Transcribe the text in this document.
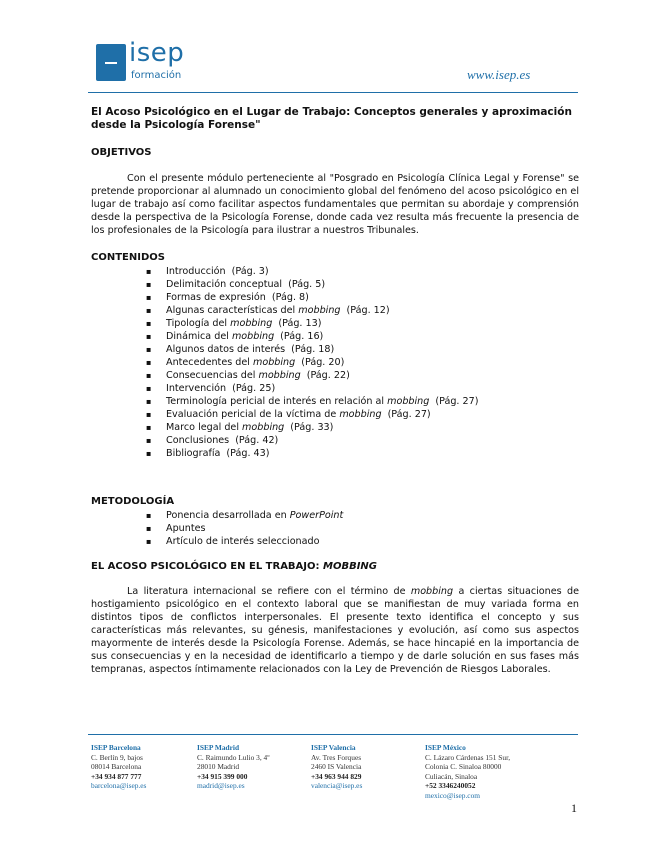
isep
formación	www.isep.es
El Acoso Psicológico en el Lugar de Trabajo: Conceptos generales y aproximación desde la Psicología Forense"
OBJETIVOS

Con el presente módulo perteneciente al "Posgrado en Psicología Clínica Legal y Forense" se pretende proporcionar al alumnado un conocimiento global del fenómeno del acoso psicológico en el lugar de trabajo así como facilitar aspectos fundamentales que permitan su abordaje y comprensión desde la perspectiva de la Psicología Forense, donde cada vez resulta más frecuente la presencia de los profesionales de la Psicología para ilustrar a nuestros Tribunales.

CONTENIDOS
▪ Introducción (Pág. 3)
▪ Delimitación conceptual (Pág. 5)
▪ Formas de expresión (Pág. 8)
▪ Algunas características del mobbing (Pág. 12)
▪ Tipología del mobbing (Pág. 13)
▪ Dinámica del mobbing (Pág. 16)
▪ Algunos datos de interés (Pág. 18)
▪ Antecedentes del mobbing (Pág. 20)
▪ Consecuencias del mobbing (Pág. 22)
▪ Intervención (Pág. 25)
▪ Terminología pericial de interés en relación al mobbing (Pág. 27)
▪ Evaluación pericial de la víctima de mobbing (Pág. 27)
▪ Marco legal del mobbing (Pág. 33)
▪ Conclusiones (Pág. 42)
▪ Bibliografía (Pág. 43)
METODOLOGÍA
▪ Ponencia desarrollada en PowerPoint
▪ Apuntes
▪ Artículo de interés seleccionado
EL ACOSO PSICOLÓGICO EN EL TRABAJO: MOBBING

La literatura internacional se refiere con el término de mobbing a ciertas situaciones de hostigamiento psicológico en el contexto laboral que se manifiestan de muy variada forma en distintos tipos de conflictos interpersonales. El presente texto identifica el concepto y sus características más relevantes, su génesis, manifestaciones y evolución, así como sus aspectos mayormente de interés desde la Psicología Forense. Además, se hace hincapié en la importancia de sus consecuencias y en la necesidad de identificarlo a tiempo y de darle solución en sus fases más tempranas, aspectos íntimamente relacionados con la Ley de Prevención de Riesgos Laborales.

ISEP Barcelona
C. Berlín 9, bajos
08014 Barcelona
+34 934 877 777
barcelona@isep.es
ISEP Madrid
C. Raimundo Lulio 3, 4º
28010 Madrid
+34 915 399 000
madrid@isep.es
ISEP Valencia
Av. Tres Forques
2460 IS Valencia
+34 963 944 829
valencia@isep.es
ISEP México
C. Lázaro Cárdenas 151 Sur,
Colonia C. Sinaloa 80000
Culiacán, Sinaloa
+52 3346240052
mexico@isep.com
1
